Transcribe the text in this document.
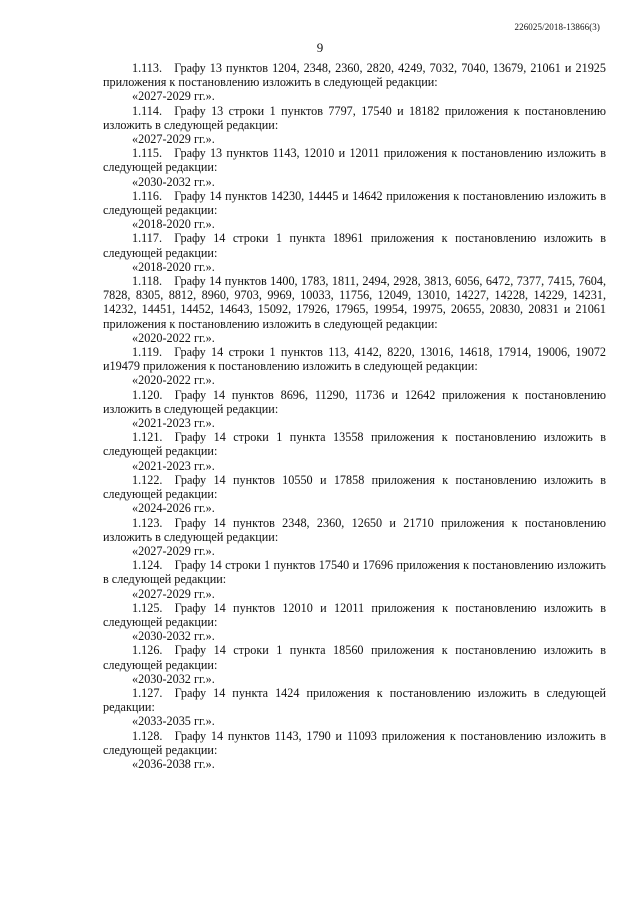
226025/2018-13866(3)
9

1.113. Графу 13 пунктов 1204, 2348, 2360, 2820, 4249, 7032, 7040, 13679, 21061 и 21925 приложения к постановлению изложить в следующей редакции:

«2027-2029 гг.».

1.114. Графу 13 строки 1 пунктов 7797, 17540 и 18182 приложения к постановлению изложить в следующей редакции:

«2027-2029 гг.».

1.115. Графу 13 пунктов 1143, 12010 и 12011 приложения к постановлению изложить в следующей редакции:

«2030-2032 гг.».

1.116. Графу 14 пунктов 14230, 14445 и 14642 приложения к постановлению изложить в следующей редакции:

«2018-2020 гг.».

1.117. Графу 14 строки 1 пункта 18961 приложения к постановлению изложить в следующей редакции:

«2018-2020 гг.».

1.118. Графу 14 пунктов 1400, 1783, 1811, 2494, 2928, 3813, 6056, 6472, 7377, 7415, 7604, 7828, 8305, 8812, 8960, 9703, 9969, 10033, 11756, 12049, 13010, 14227, 14228, 14229, 14231, 14232, 14451, 14452, 14643, 15092, 17926, 17965, 19954, 19975, 20655, 20830, 20831 и 21061 приложения к постановлению изложить в следующей редакции:

«2020-2022 гг.».

1.119. Графу 14 строки 1 пунктов 113, 4142, 8220, 13016, 14618, 17914, 19006, 19072 и19479 приложения к постановлению изложить в следующей редакции:

«2020-2022 гг.».

1.120. Графу 14 пунктов 8696, 11290, 11736 и 12642 приложения к постановлению изложить в следующей редакции:

«2021-2023 гг.».

1.121. Графу 14 строки 1 пункта 13558 приложения к постановлению изложить в следующей редакции:

«2021-2023 гг.».

1.122. Графу 14 пунктов 10550 и 17858 приложения к постановлению изложить в следующей редакции:

«2024-2026 гг.».

1.123. Графу 14 пунктов 2348, 2360, 12650 и 21710 приложения к постановлению изложить в следующей редакции:

«2027-2029 гг.».

1.124. Графу 14 строки 1 пунктов 17540 и 17696 приложения к постановлению изложить в следующей редакции:

«2027-2029 гг.».

1.125. Графу 14 пунктов 12010 и 12011 приложения к постановлению изложить в следующей редакции:

«2030-2032 гг.».

1.126. Графу 14 строки 1 пункта 18560 приложения к постановлению изложить в следующей редакции:

«2030-2032 гг.».

1.127. Графу 14 пункта 1424 приложения к постановлению изложить в следующей редакции:

«2033-2035 гг.».

1.128. Графу 14 пунктов 1143, 1790 и 11093 приложения к постановлению изложить в следующей редакции:

«2036-2038 гг.».
